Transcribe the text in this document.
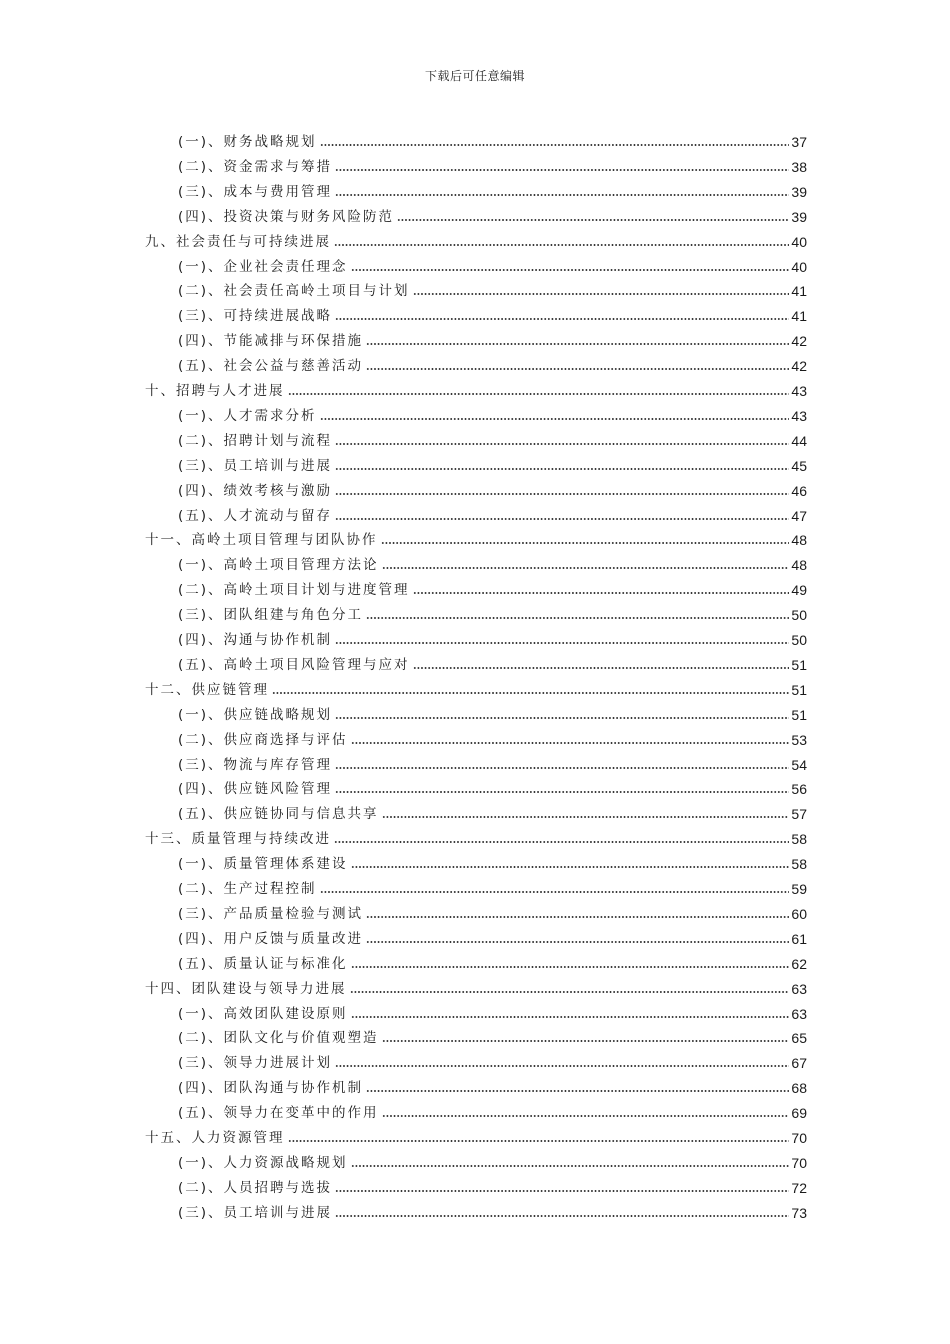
下载后可任意编辑
(一)、财务战略规划	37
(二)、资金需求与筹措	38
(三)、成本与费用管理	39
(四)、投资决策与财务风险防范	39
九、社会责任与可持续进展	40
(一)、企业社会责任理念	40
(二)、社会责任高岭土项目与计划	41
(三)、可持续进展战略	41
(四)、节能减排与环保措施	42
(五)、社会公益与慈善活动	42
十、招聘与人才进展	43
(一)、人才需求分析	43
(二)、招聘计划与流程	44
(三)、员工培训与进展	45
(四)、绩效考核与激励	46
(五)、人才流动与留存	47
十一、高岭土项目管理与团队协作	48
(一)、高岭土项目管理方法论	48
(二)、高岭土项目计划与进度管理	49
(三)、团队组建与角色分工	50
(四)、沟通与协作机制	50
(五)、高岭土项目风险管理与应对	51
十二、供应链管理	51
(一)、供应链战略规划	51
(二)、供应商选择与评估	53
(三)、物流与库存管理	54
(四)、供应链风险管理	56
(五)、供应链协同与信息共享	57
十三、质量管理与持续改进	58
(一)、质量管理体系建设	58
(二)、生产过程控制	59
(三)、产品质量检验与测试	60
(四)、用户反馈与质量改进	61
(五)、质量认证与标准化	62
十四、团队建设与领导力进展	63
(一)、高效团队建设原则	63
(二)、团队文化与价值观塑造	65
(三)、领导力进展计划	67
(四)、团队沟通与协作机制	68
(五)、领导力在变革中的作用	69
十五、人力资源管理	70
(一)、人力资源战略规划	70
(二)、人员招聘与选拔	72
(三)、员工培训与进展	73
